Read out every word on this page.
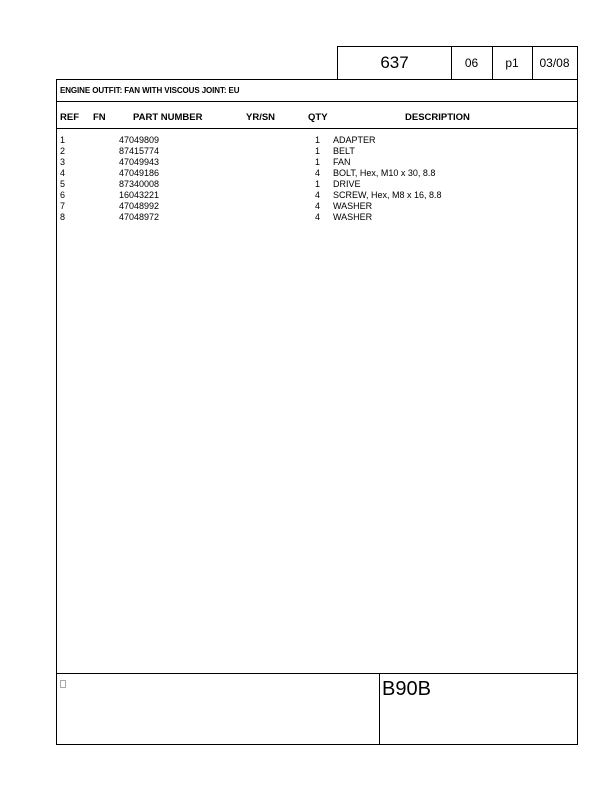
637	06 p1 03/08
ENGINE OUTFIT: FAN WITH VISCOUS JOINT: EU
REF FN	PART NUMBER	YR/SN	QTY	DESCRIPTION
1	47049809	1 ADAPTER
2	87415774	1 BELT
3	47049943	1 FAN
4	47049186	4 BOLT, Hex, M10 x 30, 8.8
5	87340008	1 DRIVE
6	16043221	4 SCREW, Hex, M8 x 16, 8.8
7	47048992	4 WASHER
8	47048972	4 WASHER
B90B
